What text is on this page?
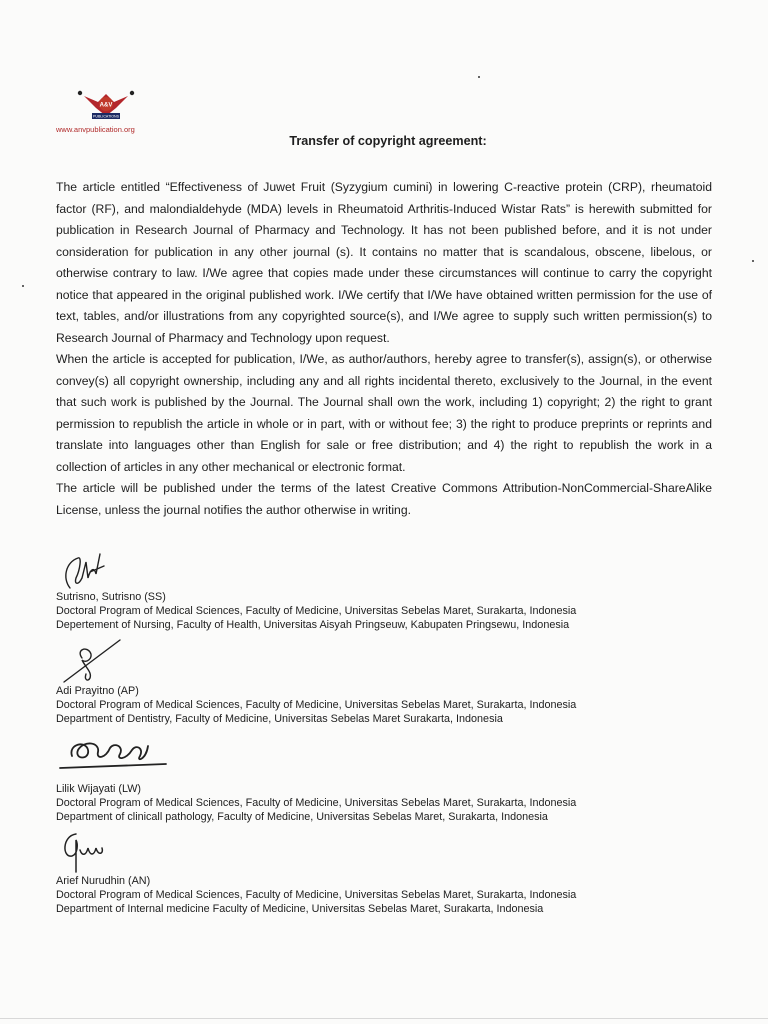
A&V
PUBLICATIONS
www.anvpublication.org
Transfer of copyright agreement:

The article entitled “Effectiveness of Juwet Fruit (Syzygium cumini) in lowering C-reactive protein (CRP), rheumatoid factor (RF), and malondialdehyde (MDA) levels in Rheumatoid Arthritis-Induced Wistar Rats” is herewith submitted for publication in Research Journal of Pharmacy and Technology. It has not been published before, and it is not under consideration for publication in any other journal (s). It contains no matter that is scandalous, obscene, libelous, or otherwise contrary to law. I/We agree that copies made under these circumstances will continue to carry the copyright notice that appeared in the original published work. I/We certify that I/We have obtained written permission for the use of text, tables, and/or illustrations from any copyrighted source(s), and I/We agree to supply such written permission(s) to Research Journal of Pharmacy and Technology upon request.

When the article is accepted for publication, I/We, as author/authors, hereby agree to transfer(s), assign(s), or otherwise convey(s) all copyright ownership, including any and all rights incidental thereto, exclusively to the Journal, in the event that such work is published by the Journal. The Journal shall own the work, including 1) copyright; 2) the right to grant permission to republish the article in whole or in part, with or without fee; 3) the right to produce preprints or reprints and translate into languages other than English for sale or free distribution; and 4) the right to republish the work in a collection of articles in any other mechanical or electronic format.

The article will be published under the terms of the latest Creative Commons Attribution-NonCommercial-ShareAlike License, unless the journal notifies the author otherwise in writing.

Sutrisno, Sutrisno (SS)
Doctoral Program of Medical Sciences, Faculty of Medicine, Universitas Sebelas Maret, Surakarta, Indonesia
Depertement of Nursing, Faculty of Health, Universitas Aisyah Pringseuw, Kabupaten Pringsewu, Indonesia
Adi Prayitno (AP)
Doctoral Program of Medical Sciences, Faculty of Medicine, Universitas Sebelas Maret, Surakarta, Indonesia
Department of Dentistry, Faculty of Medicine, Universitas Sebelas Maret Surakarta, Indonesia
Lilik Wijayati (LW)
Doctoral Program of Medical Sciences, Faculty of Medicine, Universitas Sebelas Maret, Surakarta, Indonesia
Department of clinicall pathology, Faculty of Medicine, Universitas Sebelas Maret, Surakarta, Indonesia
Arief Nurudhin (AN)
Doctoral Program of Medical Sciences, Faculty of Medicine, Universitas Sebelas Maret, Surakarta, Indonesia
Department of Internal medicine Faculty of Medicine, Universitas Sebelas Maret, Surakarta, Indonesia
